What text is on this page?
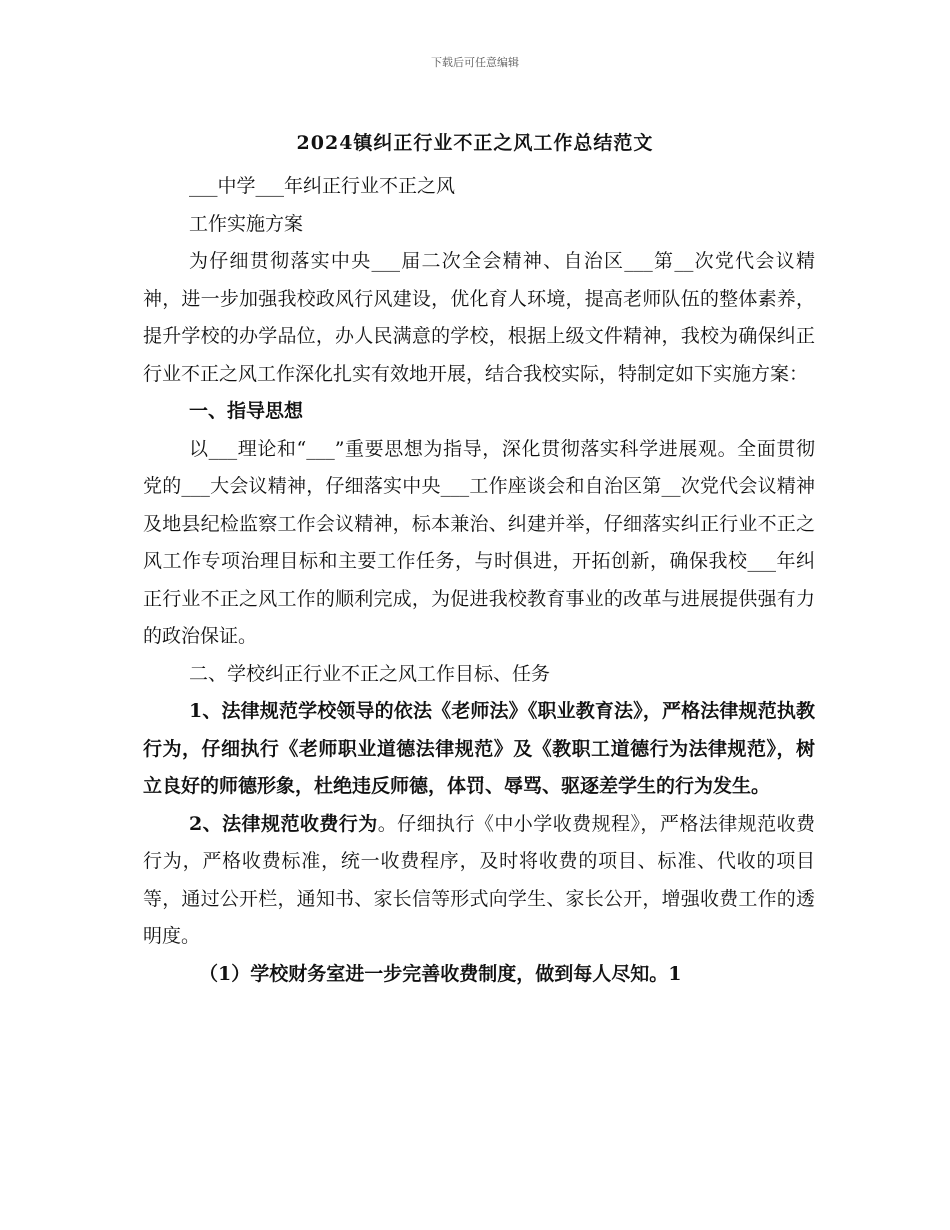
下载后可任意编辑
2024镇纠正行业不正之风工作总结范文

___中学___年纠正行业不正之风

工作实施方案

为仔细贯彻落实中央___届二次全会精神、自治区___第__次党代会议精神，进一步加强我校政风行风建设，优化育人环境，提高老师队伍的整体素养，提升学校的办学品位，办人民满意的学校，根据上级文件精神，我校为确保纠正行业不正之风工作深化扎实有效地开展，结合我校实际，特制定如下实施方案：

一、指导思想

以___理论和“___”重要思想为指导，深化贯彻落实科学进展观。全面贯彻党的___大会议精神，仔细落实中央___工作座谈会和自治区第__次党代会议精神及地县纪检监察工作会议精神，标本兼治、纠建并举，仔细落实纠正行业不正之风工作专项治理目标和主要工作任务，与时俱进，开拓创新，确保我校___年纠正行业不正之风工作的顺利完成，为促进我校教育事业的改革与进展提供强有力的政治保证。

二、学校纠正行业不正之风工作目标、任务

1、法律规范学校领导的依法《老师法》《职业教育法》，严格法律规范执教行为，仔细执行《老师职业道德法律规范》及《教职工道德行为法律规范》，树立良好的师德形象，杜绝违反师德，体罚、辱骂、驱逐差学生的行为发生。

2、法律规范收费行为。仔细执行《中小学收费规程》，严格法律规范收费行为，严格收费标准，统一收费程序，及时将收费的项目、标准、代收的项目等，通过公开栏，通知书、家长信等形式向学生、家长公开，增强收费工作的透明度。

（1）学校财务室进一步完善收费制度，做到每人尽知。1
